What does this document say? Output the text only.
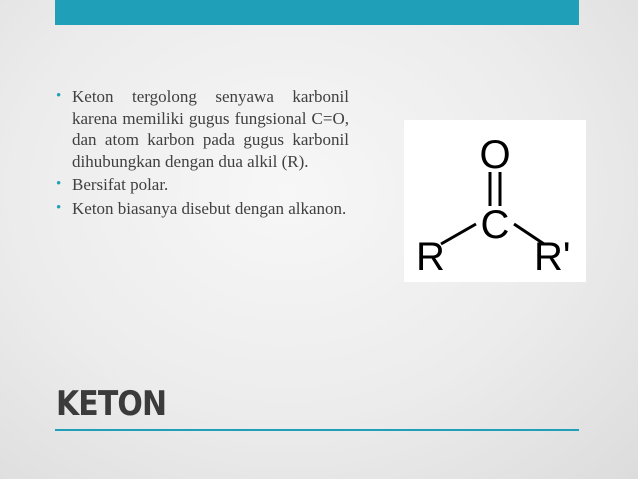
• Keton tergolong senyawa karbonil karena memiliki gugus fungsional C=O, dan atom karbon pada gugus karbonil dihubungkan dengan dua alkil (R).
• Bersifat polar.
• Keton biasanya disebut dengan alkanon.
O
C
R R'
KETON
